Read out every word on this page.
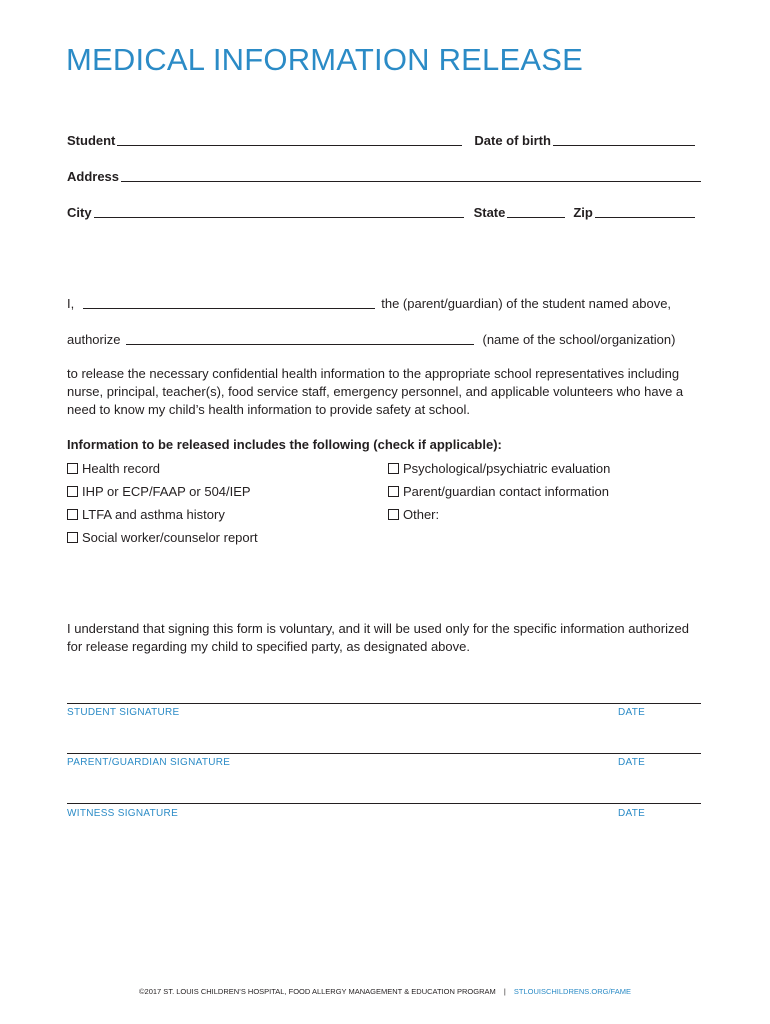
MEDICAL INFORMATION RELEASE
Student	Date of birth
Address
City	State	Zip
I,	the (parent/guardian) of the student named above,
authorize	(name of the school/organization)

to release the necessary confidential health information to the appropriate school representatives including nurse, principal, teacher(s), food service staff, emergency personnel, and applicable volunteers who have a need to know my child’s health information to provide safety at school.

Information to be released includes the following (check if applicable):
Health record
IHP or ECP/FAAP or 504/IEP
LTFA and asthma history
Social worker/counselor report
Psychological/psychiatric evaluation
Parent/guardian contact information
Other:

I understand that signing this form is voluntary, and it will be used only for the specific information authorized for release regarding my child to specified party, as designated above.

STUDENT SIGNATURE	DATE
PARENT/GUARDIAN SIGNATURE	DATE
WITNESS SIGNATURE	DATE
©2017 ST. LOUIS CHILDREN’S HOSPITAL, FOOD ALLERGY MANAGEMENT & EDUCATION PROGRAM | STLOUISCHILDRENS.ORG/FAME
